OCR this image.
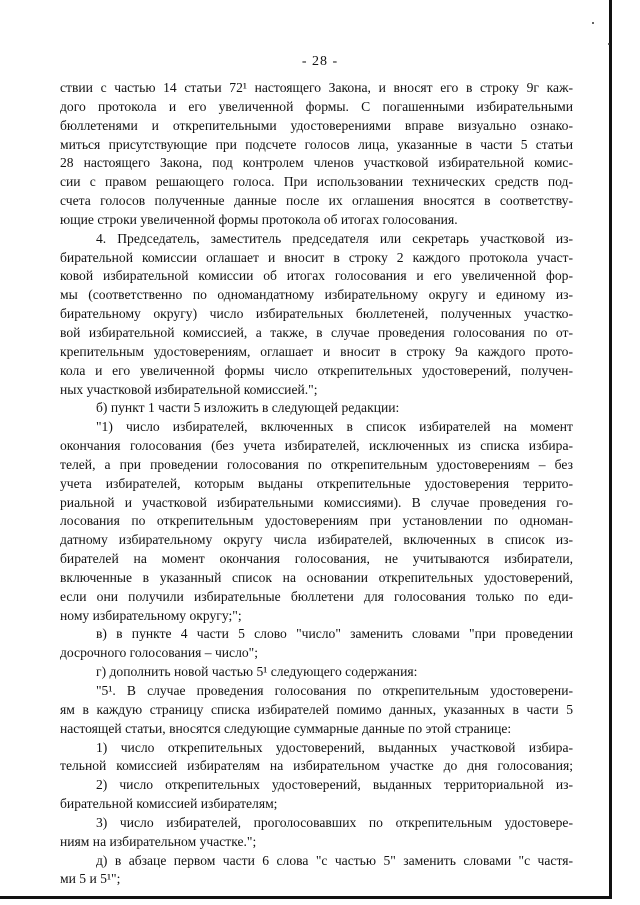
- 28 -
ствии с частью 14 статьи 72¹ настоящего Закона, и вносят его в строку 9г каж-
дого протокола и его увеличенной формы. С погашенными избирательными
бюллетенями и открепительными удостоверениями вправе визуально ознако-
миться присутствующие при подсчете голосов лица, указанные в части 5 статьи
28 настоящего Закона, под контролем членов участковой избирательной комис-
сии с правом решающего голоса. При использовании технических средств под-
счета голосов полученные данные после их оглашения вносятся в соответству-
ющие строки увеличенной формы протокола об итогах голосования.
4. Председатель, заместитель председателя или секретарь участковой из-
бирательной комиссии оглашает и вносит в строку 2 каждого протокола участ-
ковой избирательной комиссии об итогах голосования и его увеличенной фор-
мы (соответственно по одномандатному избирательному округу и единому из-
бирательному округу) число избирательных бюллетеней, полученных участко-
вой избирательной комиссией, а также, в случае проведения голосования по от-
крепительным удостоверениям, оглашает и вносит в строку 9а каждого прото-
кола и его увеличенной формы число открепительных удостоверений, получен-
ных участковой избирательной комиссией.";
б) пункт 1 части 5 изложить в следующей редакции:
"1) число избирателей, включенных в список избирателей на момент
окончания голосования (без учета избирателей, исключенных из списка избира-
телей, а при проведении голосования по открепительным удостоверениям – без
учета избирателей, которым выданы открепительные удостоверения террито-
риальной и участковой избирательными комиссиями). В случае проведения го-
лосования по открепительным удостоверениям при установлении по одноман-
датному избирательному округу числа избирателей, включенных в список из-
бирателей на момент окончания голосования, не учитываются избиратели,
включенные в указанный список на основании открепительных удостоверений,
если они получили избирательные бюллетени для голосования только по еди-
ному избирательному округу;";
в) в пункте 4 части 5 слово "число" заменить словами "при проведении
досрочного голосования – число";
г) дополнить новой частью 5¹ следующего содержания:
"5¹. В случае проведения голосования по открепительным удостоверени-
ям в каждую страницу списка избирателей помимо данных, указанных в части 5
настоящей статьи, вносятся следующие суммарные данные по этой странице:
1) число открепительных удостоверений, выданных участковой избира-
тельной комиссией избирателям на избирательном участке до дня голосования;
2) число открепительных удостоверений, выданных территориальной из-
бирательной комиссией избирателям;
3) число избирателей, проголосовавших по открепительным удостовере-
ниям на избирательном участке.";
д) в абзаце первом части 6 слова "с частью 5" заменить словами "с частя-
ми 5 и 5¹";
